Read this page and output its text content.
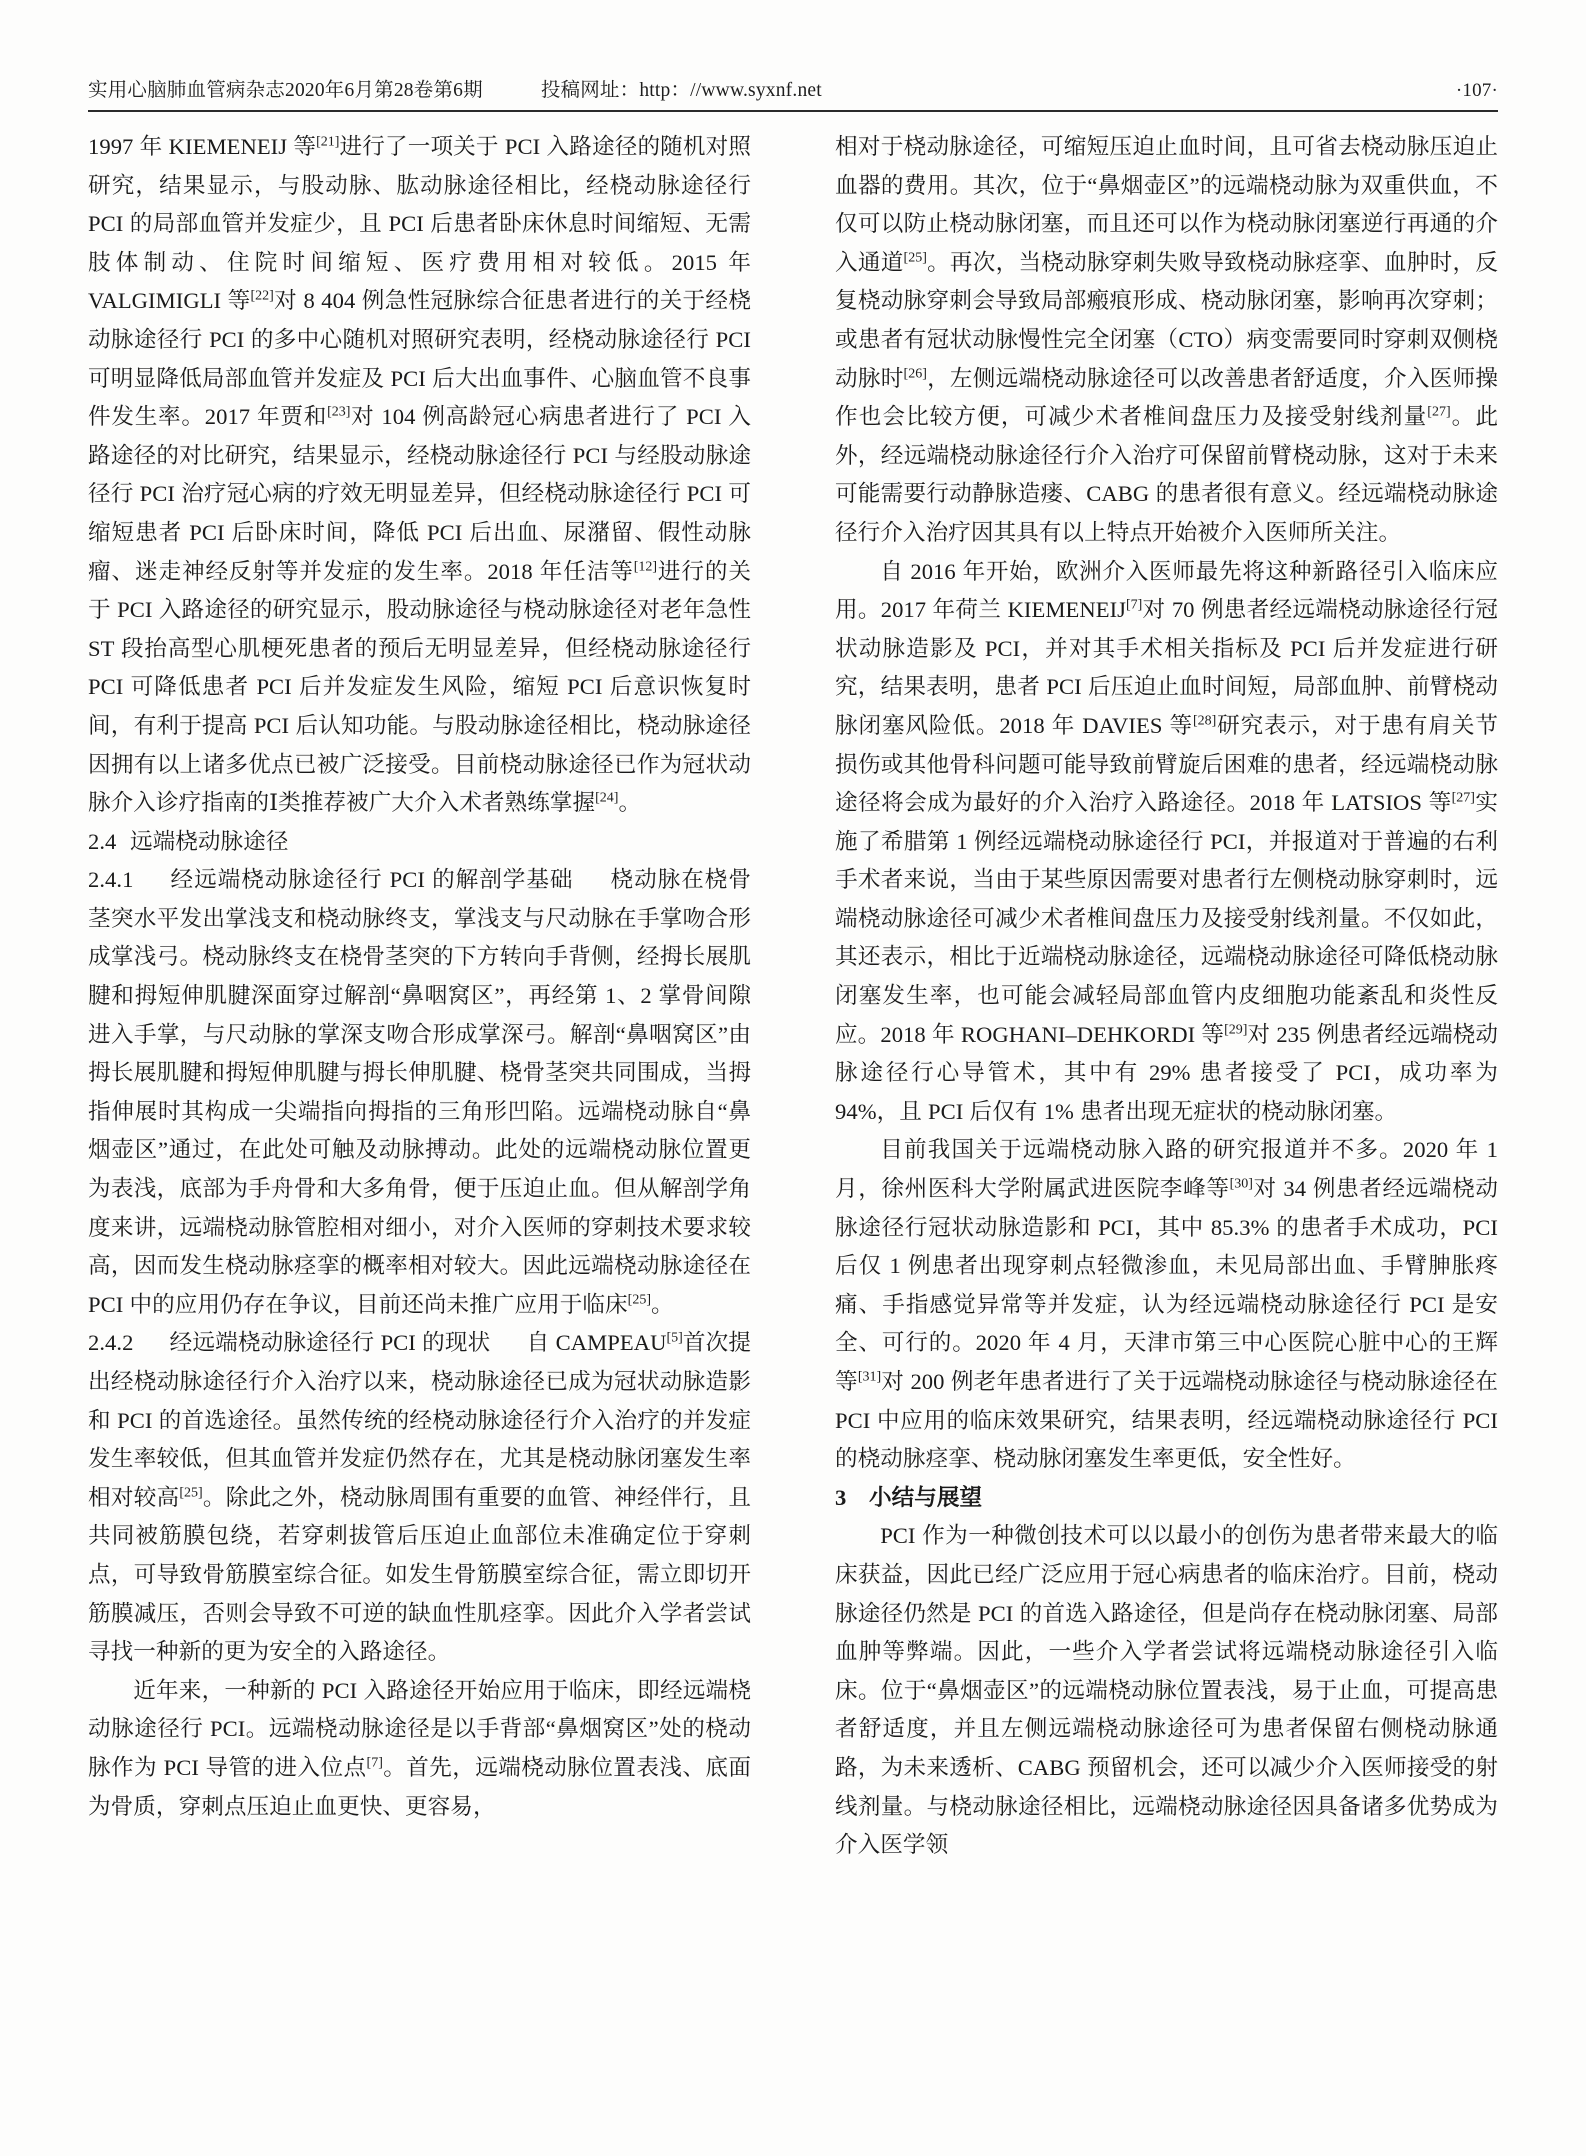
实用心脑肺血管病杂志2020年6月第28卷第6期	投稿网址：http：//www.syxnf.net	·107·

1997 年 KIEMENEIJ 等[21]进行了一项关于 PCI 入路途径的随机对照研究，结果显示，与股动脉、肱动脉途径相比，经桡动脉途径行 PCI 的局部血管并发症少，且 PCI 后患者卧床休息时间缩短、无需肢体制动、住院时间缩短、医疗费用相对较低。2015 年 VALGIMIGLI 等[22]对 8 404 例急性冠脉综合征患者进行的关于经桡动脉途径行 PCI 的多中心随机对照研究表明，经桡动脉途径行 PCI 可明显降低局部血管并发症及 PCI 后大出血事件、心脑血管不良事件发生率。2017 年贾和[23]对 104 例高龄冠心病患者进行了 PCI 入路途径的对比研究，结果显示，经桡动脉途径行 PCI 与经股动脉途径行 PCI 治疗冠心病的疗效无明显差异，但经桡动脉途径行 PCI 可缩短患者 PCI 后卧床时间，降低 PCI 后出血、尿潴留、假性动脉瘤、迷走神经反射等并发症的发生率。2018 年任洁等[12]进行的关于 PCI 入路途径的研究显示，股动脉途径与桡动脉途径对老年急性 ST 段抬高型心肌梗死患者的预后无明显差异，但经桡动脉途径行 PCI 可降低患者 PCI 后并发症发生风险，缩短 PCI 后意识恢复时间，有利于提高 PCI 后认知功能。与股动脉途径相比，桡动脉途径因拥有以上诸多优点已被广泛接受。目前桡动脉途径已作为冠状动脉介入诊疗指南的Ⅰ类推荐被广大介入术者熟练掌握[24]。

2.4 远端桡动脉途径

2.4.1 经远端桡动脉途径行 PCI 的解剖学基础 桡动脉在桡骨茎突水平发出掌浅支和桡动脉终支，掌浅支与尺动脉在手掌吻合形成掌浅弓。桡动脉终支在桡骨茎突的下方转向手背侧，经拇长展肌腱和拇短伸肌腱深面穿过解剖“鼻咽窝区”，再经第 1、2 掌骨间隙进入手掌，与尺动脉的掌深支吻合形成掌深弓。解剖“鼻咽窝区”由拇长展肌腱和拇短伸肌腱与拇长伸肌腱、桡骨茎突共同围成，当拇指伸展时其构成一尖端指向拇指的三角形凹陷。远端桡动脉自“鼻烟壶区”通过，在此处可触及动脉搏动。此处的远端桡动脉位置更为表浅，底部为手舟骨和大多角骨，便于压迫止血。但从解剖学角度来讲，远端桡动脉管腔相对细小，对介入医师的穿刺技术要求较高，因而发生桡动脉痉挛的概率相对较大。因此远端桡动脉途径在 PCI 中的应用仍存在争议，目前还尚未推广应用于临床[25]。

2.4.2 经远端桡动脉途径行 PCI 的现状 自 CAMPEAU[5]首次提出经桡动脉途径行介入治疗以来，桡动脉途径已成为冠状动脉造影和 PCI 的首选途径。虽然传统的经桡动脉途径行介入治疗的并发症发生率较低，但其血管并发症仍然存在，尤其是桡动脉闭塞发生率相对较高[25]。除此之外，桡动脉周围有重要的血管、神经伴行，且共同被筋膜包绕，若穿刺拔管后压迫止血部位未准确定位于穿刺点，可导致骨筋膜室综合征。如发生骨筋膜室综合征，需立即切开筋膜减压，否则会导致不可逆的缺血性肌痉挛。因此介入学者尝试寻找一种新的更为安全的入路途径。

近年来，一种新的 PCI 入路途径开始应用于临床，即经远端桡动脉途径行 PCI。远端桡动脉途径是以手背部“鼻烟窝区”处的桡动脉作为 PCI 导管的进入位点[7]。首先，远端桡动脉位置表浅、底面为骨质，穿刺点压迫止血更快、更容易，

相对于桡动脉途径，可缩短压迫止血时间，且可省去桡动脉压迫止血器的费用。其次，位于“鼻烟壶区”的远端桡动脉为双重供血，不仅可以防止桡动脉闭塞，而且还可以作为桡动脉闭塞逆行再通的介入通道[25]。再次，当桡动脉穿刺失败导致桡动脉痉挛、血肿时，反复桡动脉穿刺会导致局部瘢痕形成、桡动脉闭塞，影响再次穿刺；或患者有冠状动脉慢性完全闭塞（CTO）病变需要同时穿刺双侧桡动脉时[26]，左侧远端桡动脉途径可以改善患者舒适度，介入医师操作也会比较方便，可减少术者椎间盘压力及接受射线剂量[27]。此外，经远端桡动脉途径行介入治疗可保留前臂桡动脉，这对于未来可能需要行动静脉造瘘、CABG 的患者很有意义。经远端桡动脉途径行介入治疗因其具有以上特点开始被介入医师所关注。

自 2016 年开始，欧洲介入医师最先将这种新路径引入临床应用。2017 年荷兰 KIEMENEIJ[7]对 70 例患者经远端桡动脉途径行冠状动脉造影及 PCI，并对其手术相关指标及 PCI 后并发症进行研究，结果表明，患者 PCI 后压迫止血时间短，局部血肿、前臂桡动脉闭塞风险低。2018 年 DAVIES 等[28]研究表示，对于患有肩关节损伤或其他骨科问题可能导致前臂旋后困难的患者，经远端桡动脉途径将会成为最好的介入治疗入路途径。2018 年 LATSIOS 等[27]实施了希腊第 1 例经远端桡动脉途径行 PCI，并报道对于普遍的右利手术者来说，当由于某些原因需要对患者行左侧桡动脉穿刺时，远端桡动脉途径可减少术者椎间盘压力及接受射线剂量。不仅如此，其还表示，相比于近端桡动脉途径，远端桡动脉途径可降低桡动脉闭塞发生率，也可能会减轻局部血管内皮细胞功能紊乱和炎性反应。2018 年 ROGHANI–DEHKORDI 等[29]对 235 例患者经远端桡动脉途径行心导管术，其中有 29% 患者接受了 PCI，成功率为 94%，且 PCI 后仅有 1% 患者出现无症状的桡动脉闭塞。

目前我国关于远端桡动脉入路的研究报道并不多。2020 年 1 月，徐州医科大学附属武进医院李峰等[30]对 34 例患者经远端桡动脉途径行冠状动脉造影和 PCI，其中 85.3% 的患者手术成功，PCI 后仅 1 例患者出现穿刺点轻微渗血，未见局部出血、手臂胂胀疼痛、手指感觉异常等并发症，认为经远端桡动脉途径行 PCI 是安全、可行的。2020 年 4 月，天津市第三中心医院心脏中心的王辉等[31]对 200 例老年患者进行了关于远端桡动脉途径与桡动脉途径在 PCI 中应用的临床效果研究，结果表明，经远端桡动脉途径行 PCI 的桡动脉痉挛、桡动脉闭塞发生率更低，安全性好。

3 小结与展望

PCI 作为一种微创技术可以以最小的创伤为患者带来最大的临床获益，因此已经广泛应用于冠心病患者的临床治疗。目前，桡动脉途径仍然是 PCI 的首选入路途径，但是尚存在桡动脉闭塞、局部血肿等弊端。因此，一些介入学者尝试将远端桡动脉途径引入临床。位于“鼻烟壶区”的远端桡动脉位置表浅，易于止血，可提高患者舒适度，并且左侧远端桡动脉途径可为患者保留右侧桡动脉通路，为未来透析、CABG 预留机会，还可以减少介入医师接受的射线剂量。与桡动脉途径相比，远端桡动脉途径因具备诸多优势成为介入医学领
